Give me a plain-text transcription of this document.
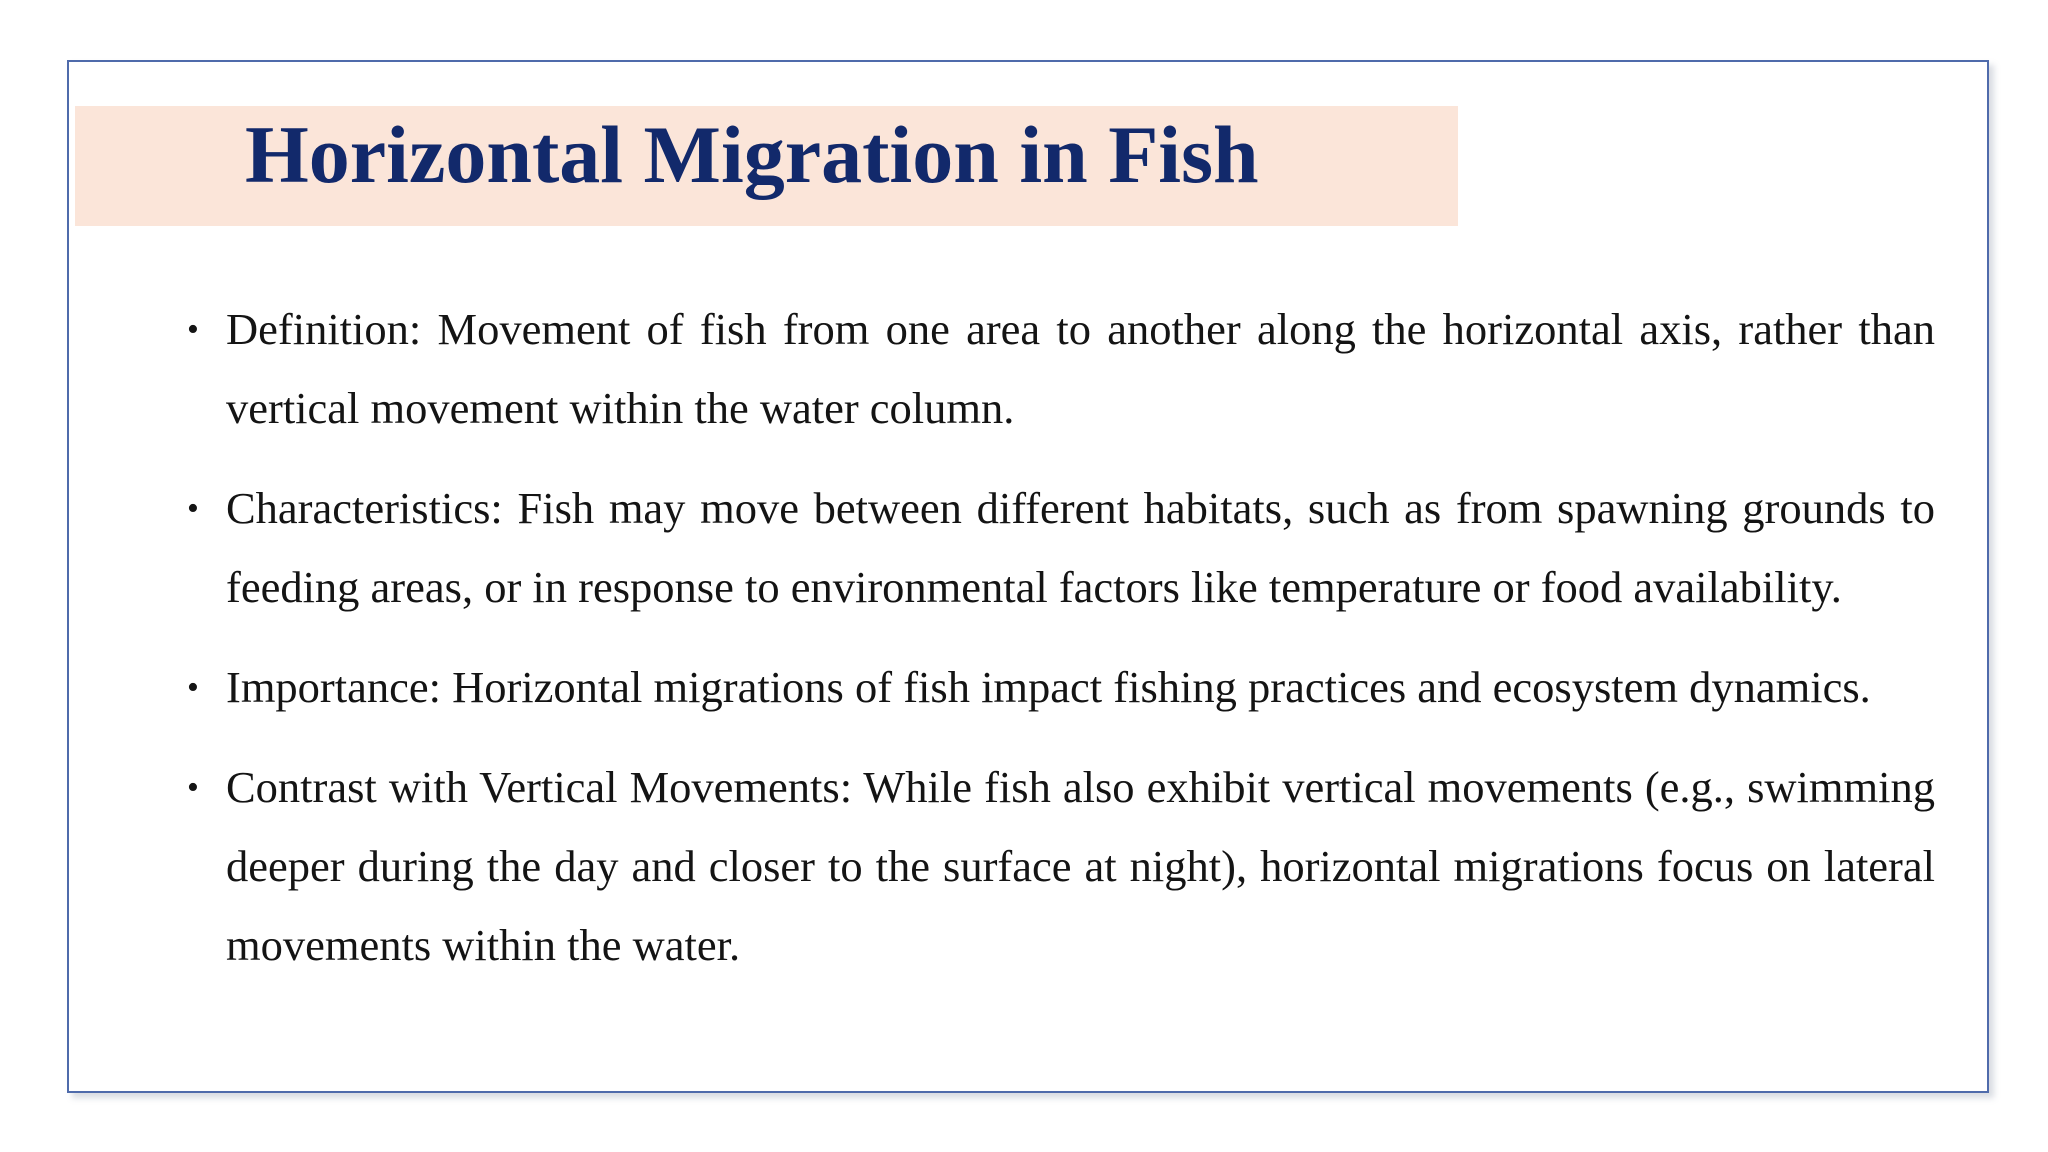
Horizontal Migration in Fish
• Definition: Movement of fish from one area to another along the horizontal axis, rather than vertical movement within the water column.
• Characteristics: Fish may move between different habitats, such as from spawning grounds to feeding areas, or in response to environmental factors like temperature or food availability.
• Importance: Horizontal migrations of fish impact fishing practices and ecosystem dynamics.
• Contrast with Vertical Movements: While fish also exhibit vertical movements (e.g., swimming deeper during the day and closer to the surface at night), horizontal migrations focus on lateral movements within the water.
